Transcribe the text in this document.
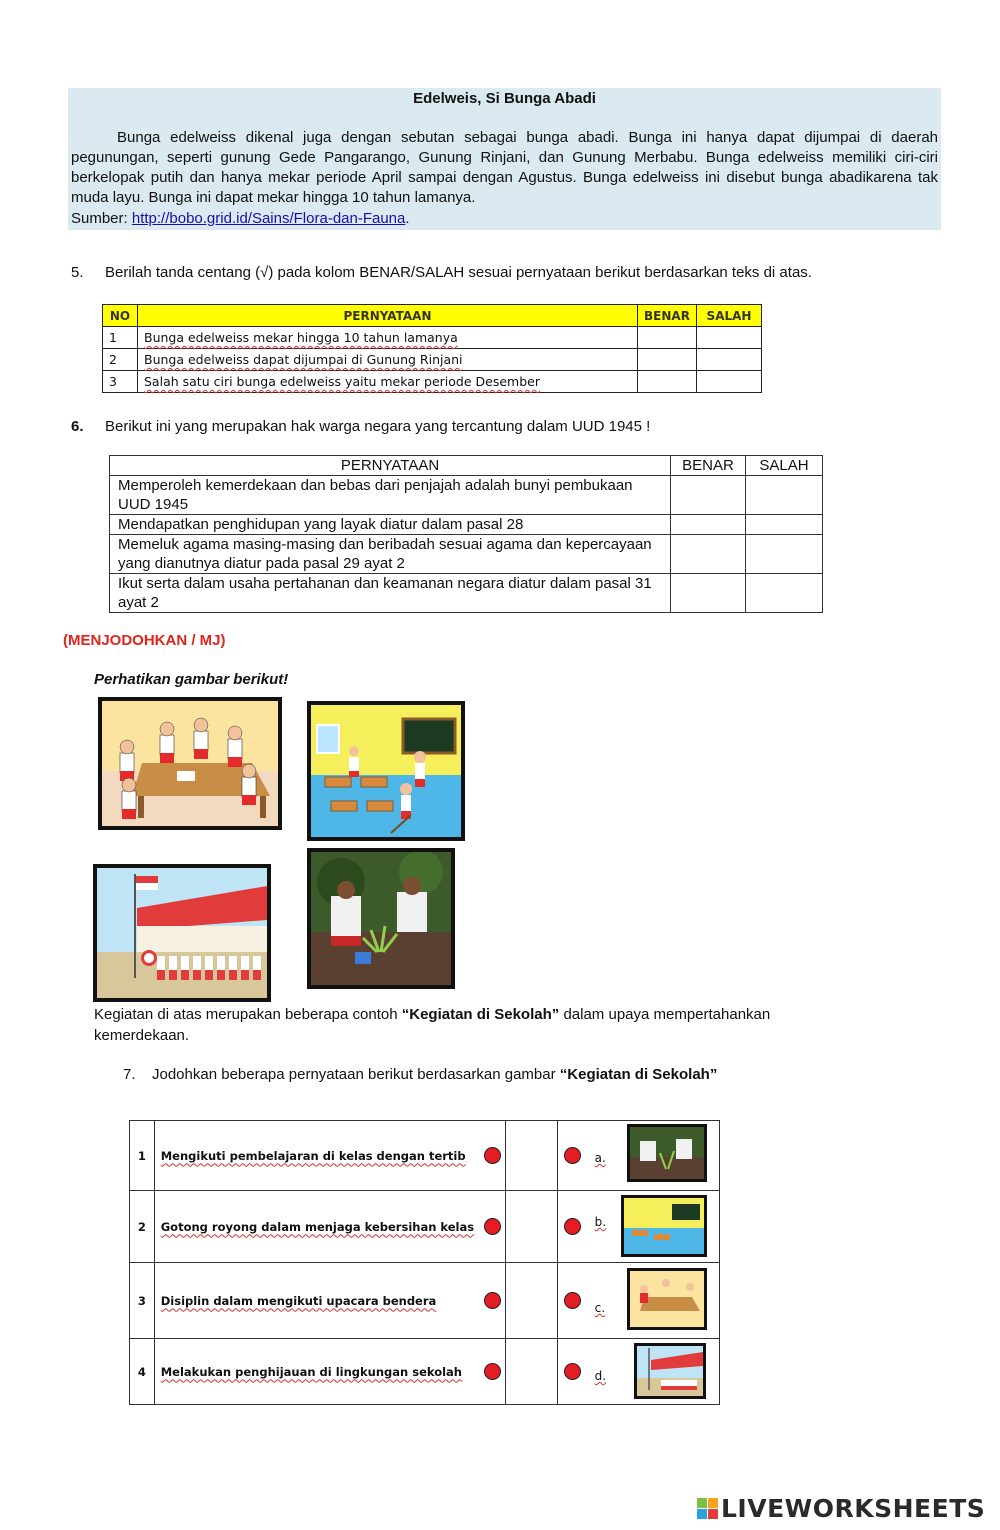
Edelweis, Si Bunga Abadi
Bunga edelweiss dikenal juga dengan sebutan sebagai bunga abadi. Bunga ini hanya dapat dijumpai di daerah pegunungan, seperti gunung Gede Pangarango, Gunung Rinjani, dan Gunung Merbabu. Bunga edelweiss memiliki ciri-ciri berkelopak putih dan hanya mekar periode April sampai dengan Agustus. Bunga edelweiss ini disebut bunga abadikarena tak muda layu. Bunga ini dapat mekar hingga 10 tahun lamanya.
Sumber: http://bobo.grid.id/Sains/Flora-dan-Fauna.
5. Berilah tanda centang (√) pada kolom BENAR/SALAH sesuai pernyataan berikut berdasarkan teks di atas.
NO	PERNYATAAN	BENAR	SALAH
1	Bunga edelweiss mekar hingga 10 tahun lamanya		
2	Bunga edelweiss dapat dijumpai di Gunung Rinjani		
3	Salah satu ciri bunga edelweiss yaitu mekar periode Desember		
6. Berikut ini yang merupakan hak warga negara yang tercantung dalam UUD 1945 !
PERNYATAAN	BENAR	SALAH
Memperoleh kemerdekaan dan bebas dari penjajah adalah bunyi pembukaan UUD 1945		
Mendapatkan penghidupan yang layak diatur dalam pasal 28		
Memeluk agama masing-masing dan beribadah sesuai agama dan kepercayaan yang dianutnya diatur pada pasal 29 ayat 2		
Ikut serta dalam usaha pertahanan dan keamanan negara diatur dalam pasal 31 ayat 2		
(MENJODOHKAN / MJ)
Perhatikan gambar berikut!
Kegiatan di atas merupakan beberapa contoh “Kegiatan di Sekolah” dalam upaya mempertahankan kemerdekaan.
7. Jodohkan beberapa pernyataan berikut berdasarkan gambar “Kegiatan di Sekolah”
1	Mengikuti pembelajaran di kelas dengan tertib		a.

2	Gotong royong dalam menjaga kebersihan kelas		b.

3	Disiplin dalam mengikuti upacara bendera		c.

4	Melakukan penghijauan di lingkungan sekolah		d.
LIVEWORKSHEETS
